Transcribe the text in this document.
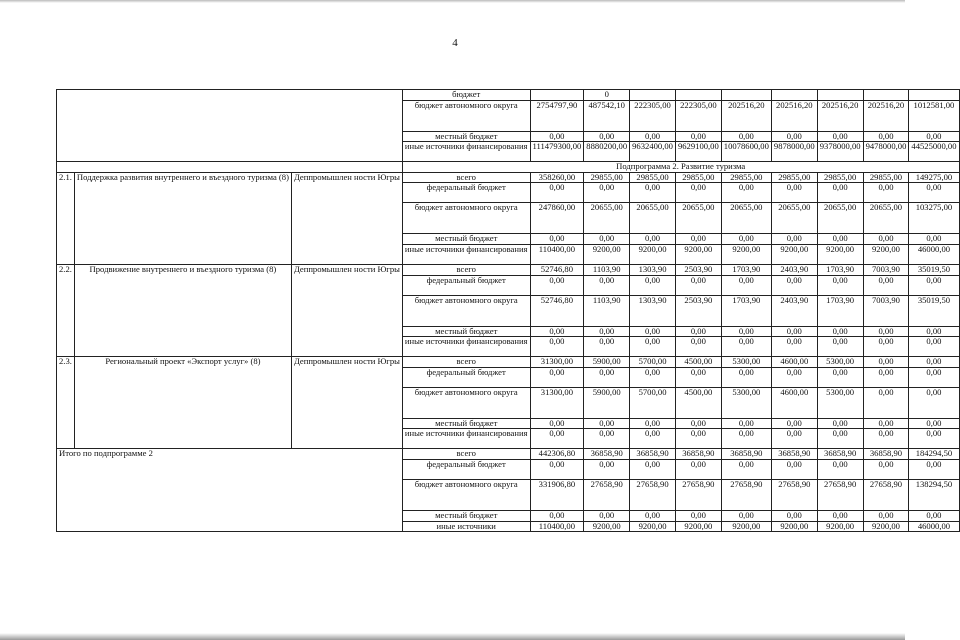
4
			бюджет		0							
			бюджет автономного округа	2754797,90	487542,10	222305,00	222305,00	202516,20	202516,20	202516,20	202516,20	1012581,00
			местный бюджет	0,00	0,00	0,00	0,00	0,00	0,00	0,00	0,00	0,00
			иные источники финансирования	111479300,00	8880200,00	9632400,00	9629100,00	10078600,00	9878000,00	9378000,00	9478000,00	44525000,00
			Подпрограмма 2. Развитие туризма									
2.1.	Поддержка развития внутреннего и въездного туризма (8)	Деппромышлен ности Югры	всего	358260,00	29855,00	29855,00	29855,00	29855,00	29855,00	29855,00	29855,00	149275,00
			федеральный бюджет	0,00	0,00	0,00	0,00	0,00	0,00	0,00	0,00	0,00
			бюджет автономного округа	247860,00	20655,00	20655,00	20655,00	20655,00	20655,00	20655,00	20655,00	103275,00
			местный бюджет	0,00	0,00	0,00	0,00	0,00	0,00	0,00	0,00	0,00
			иные источники финансирования	110400,00	9200,00	9200,00	9200,00	9200,00	9200,00	9200,00	9200,00	46000,00
2.2.	Продвижение внутреннего и въездного туризма (8)	Деппромышлен ности Югры	всего	52746,80	1103,90	1303,90	2503,90	1703,90	2403,90	1703,90	7003,90	35019,50
			федеральный бюджет	0,00	0,00	0,00	0,00	0,00	0,00	0,00	0,00	0,00
			бюджет автономного округа	52746,80	1103,90	1303,90	2503,90	1703,90	2403,90	1703,90	7003,90	35019,50
			местный бюджет	0,00	0,00	0,00	0,00	0,00	0,00	0,00	0,00	0,00
			иные источники финансирования	0,00	0,00	0,00	0,00	0,00	0,00	0,00	0,00	0,00
2.3.	Региональный проект «Экспорт услуг» (8)	Деппромышлен ности Югры	всего	31300,00	5900,00	5700,00	4500,00	5300,00	4600,00	5300,00	0,00	0,00
			федеральный бюджет	0,00	0,00	0,00	0,00	0,00	0,00	0,00	0,00	0,00
			бюджет автономного округа	31300,00	5900,00	5700,00	4500,00	5300,00	4600,00	5300,00	0,00	0,00
			местный бюджет	0,00	0,00	0,00	0,00	0,00	0,00	0,00	0,00	0,00
			иные источники финансирования	0,00	0,00	0,00	0,00	0,00	0,00	0,00	0,00	0,00
Итого по подпрограмме 2			всего	442306,80	36858,90	36858,90	36858,90	36858,90	36858,90	36858,90	36858,90	184294,50
			федеральный бюджет	0,00	0,00	0,00	0,00	0,00	0,00	0,00	0,00	0,00
			бюджет автономного округа	331906,80	27658,90	27658,90	27658,90	27658,90	27658,90	27658,90	27658,90	138294,50
			местный бюджет	0,00	0,00	0,00	0,00	0,00	0,00	0,00	0,00	0,00
			иные источники	110400,00	9200,00	9200,00	9200,00	9200,00	9200,00	9200,00	9200,00	46000,00
